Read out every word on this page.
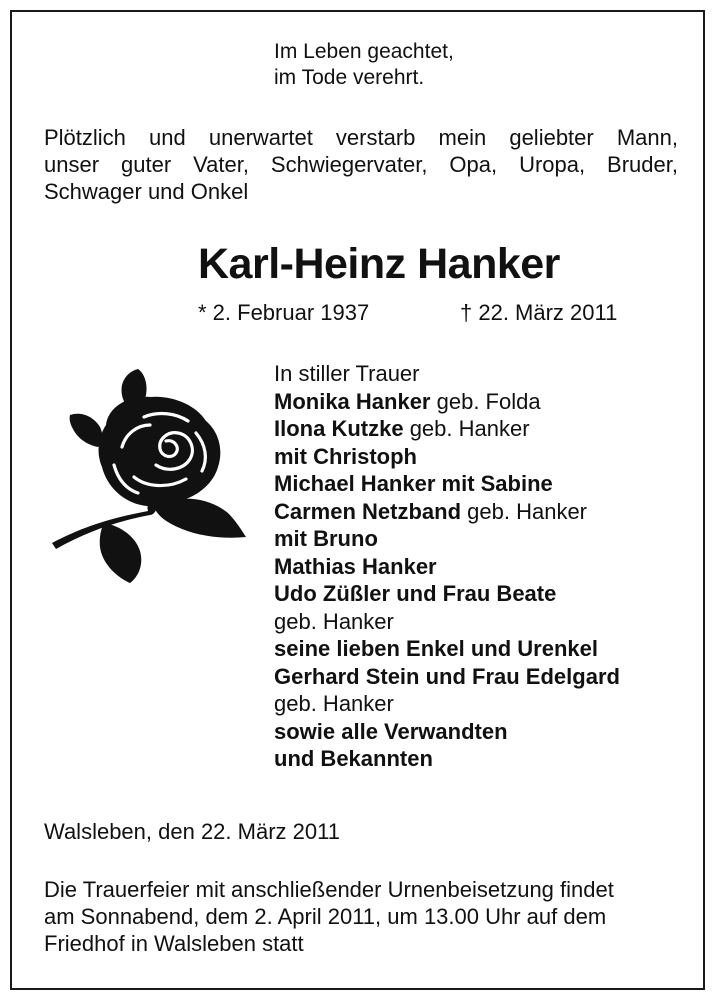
Im Leben geachtet,
im Tode verehrt.
Plötzlich und unerwartet verstarb mein geliebter Mann,
unser guter Vater, Schwiegervater, Opa, Uropa, Bruder,
Schwager und Onkel
Karl-Heinz Hanker
* 2. Februar 1937	† 22. März 2011
In stiller Trauer
Monika Hanker geb. Folda
Ilona Kutzke geb. Hanker
mit Christoph
Michael Hanker mit Sabine
Carmen Netzband geb. Hanker
mit Bruno
Mathias Hanker
Udo Züßler und Frau Beate
geb. Hanker
seine lieben Enkel und Urenkel
Gerhard Stein und Frau Edelgard
geb. Hanker
sowie alle Verwandten
und Bekannten
Walsleben, den 22. März 2011
Die Trauerfeier mit anschließender Urnenbeisetzung findet
am Sonnabend, dem 2. April 2011, um 13.00 Uhr auf dem
Friedhof in Walsleben statt
